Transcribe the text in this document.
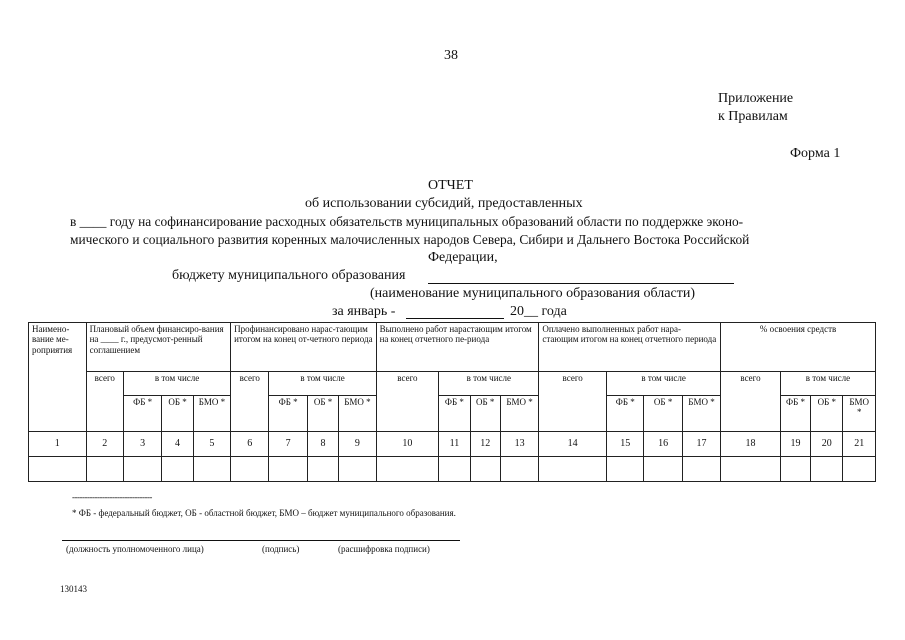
38
Приложение
к Правилам
Форма 1
ОТЧЕТ
об использовании субсидий, предоставленных
в ____ году на софинансирование расходных обязательств муниципальных образований области по поддержке эконо-
мического и социального развития коренных малочисленных народов Севера, Сибири и Дальнего Востока Российской
Федерации,
бюджету муниципального образования
(наименование муниципального образования области)
за январь -	20__ года
Наимено-вание ме-роприятия	Плановый объем финансиро-вания на ____ г., предусмот-ренный соглашением				Профинансировано нарас-тающим итогом на конец от-четного периода				Выполнено работ нарастающим итогом на конец отчетного пе-риода				Оплачено выполненных работ нара-стающим итогом на конец отчетного периода				% освоения средств			
	всего	в том числе			всего	в том числе			всего	в том числе			всего	в том числе			всего	в том числе		
		ФБ *	ОБ *	БМО *		ФБ *	ОБ *	БМО *		ФБ *	ОБ *	БМО *		ФБ *	ОБ *	БМО *		ФБ *	ОБ *	БМО *
1	2	3	4	5	6	7	8	9	10	11	12	13	14	15	16	17	18	19	20	21

--------------------------------
* ФБ - федеральный бюджет, ОБ - областной бюджет, БМО – бюджет муниципального образования.
(должность уполномоченного лица)	(подпись)	(расшифровка подписи)
130143
